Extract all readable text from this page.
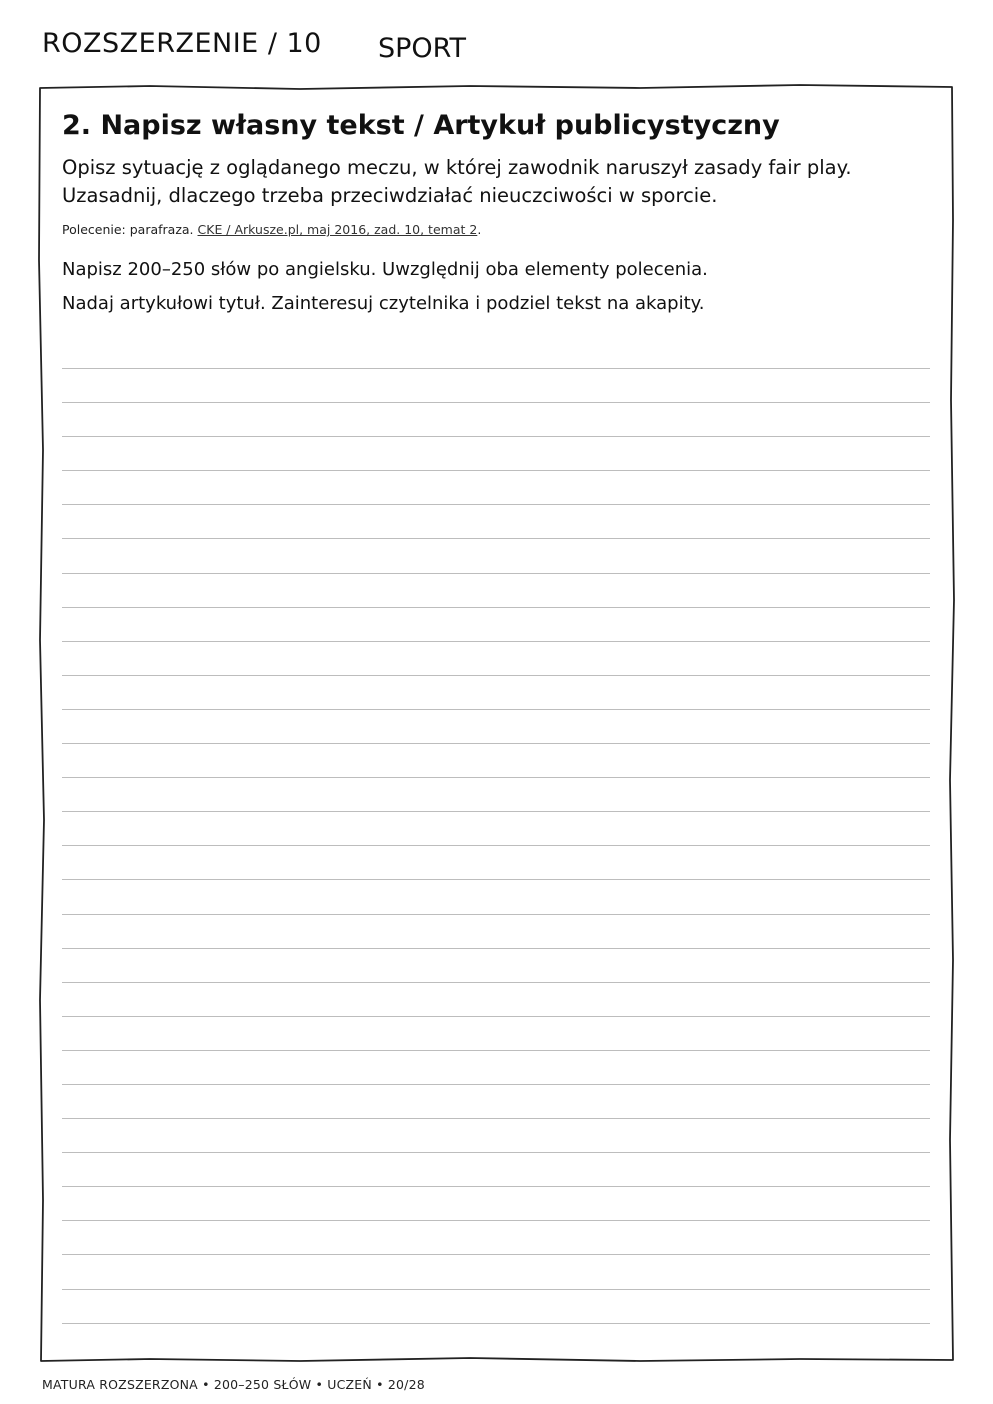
ROZSZERZENIE / 10 SPORT
2. Napisz własny tekst / Artykuł publicystyczny

Opisz sytuację z oglądanego meczu, w której zawodnik naruszył zasady fair play. Uzasadnij, dlaczego trzeba przeciwdziałać nieuczciwości w sporcie.

Polecenie: parafraza. CKE / Arkusze.pl, maj 2016, zad. 10, temat 2.

Napisz 200–250 słów po angielsku. Uwzględnij oba elementy polecenia.
Nadaj artykułowi tytuł. Zainteresuj czytelnika i podziel tekst na akapity.
MATURA ROZSZERZONA • 200–250 SŁÓW • UCZEŃ • 20/28
